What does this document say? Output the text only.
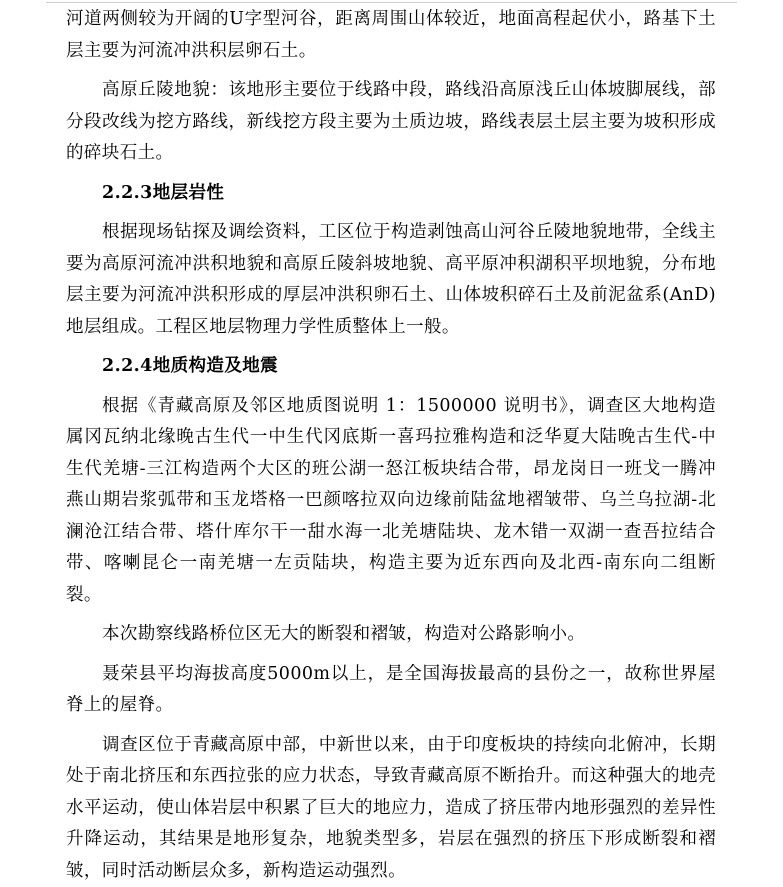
河道两侧较为开阔的U字型河谷，距离周围山体较近，地面高程起伏小，路基下土层主要为河流冲洪积层卵石土。

高原丘陵地貌：该地形主要位于线路中段，路线沿高原浅丘山体坡脚展线，部分段改线为挖方路线，新线挖方段主要为土质边坡，路线表层土层主要为坡积形成的碎块石土。

2.2.3地层岩性

根据现场钻探及调绘资料，工区位于构造剥蚀高山河谷丘陵地貌地带，全线主要为高原河流冲洪积地貌和高原丘陵斜坡地貌、高平原冲积湖积平坝地貌，分布地层主要为河流冲洪积形成的厚层冲洪积卵石土、山体坡积碎石土及前泥盆系(AnD)地层组成。工程区地层物理力学性质整体上一般。

2.2.4地质构造及地震

根据《青藏高原及邻区地质图说明 1：1500000 说明书》，调查区大地构造属冈瓦纳北缘晚古生代一中生代冈底斯一喜玛拉雅构造和泛华夏大陆晚古生代-中生代羌塘-三江构造两个大区的班公湖一怒江板块结合带，昂龙岗日一班戈一腾冲燕山期岩浆弧带和玉龙塔格一巴颜喀拉双向边缘前陆盆地褶皱带、乌兰乌拉湖-北澜沧江结合带、塔什库尔干一甜水海一北羌塘陆块、龙木错一双湖一查吾拉结合带、喀喇昆仑一南羌塘一左贡陆块，构造主要为近东西向及北西-南东向二组断裂。

本次勘察线路桥位区无大的断裂和褶皱，构造对公路影响小。

聂荣县平均海拔高度5000m以上，是全国海拔最高的县份之一，故称世界屋脊上的屋脊。

调查区位于青藏高原中部，中新世以来，由于印度板块的持续向北俯冲，长期处于南北挤压和东西拉张的应力状态，导致青藏高原不断抬升。而这种强大的地壳水平运动，使山体岩层中积累了巨大的地应力，造成了挤压带内地形强烈的差异性升降运动，其结果是地形复杂，地貌类型多，岩层在强烈的挤压下形成断裂和褶皱，同时活动断层众多，新构造运动强烈。
